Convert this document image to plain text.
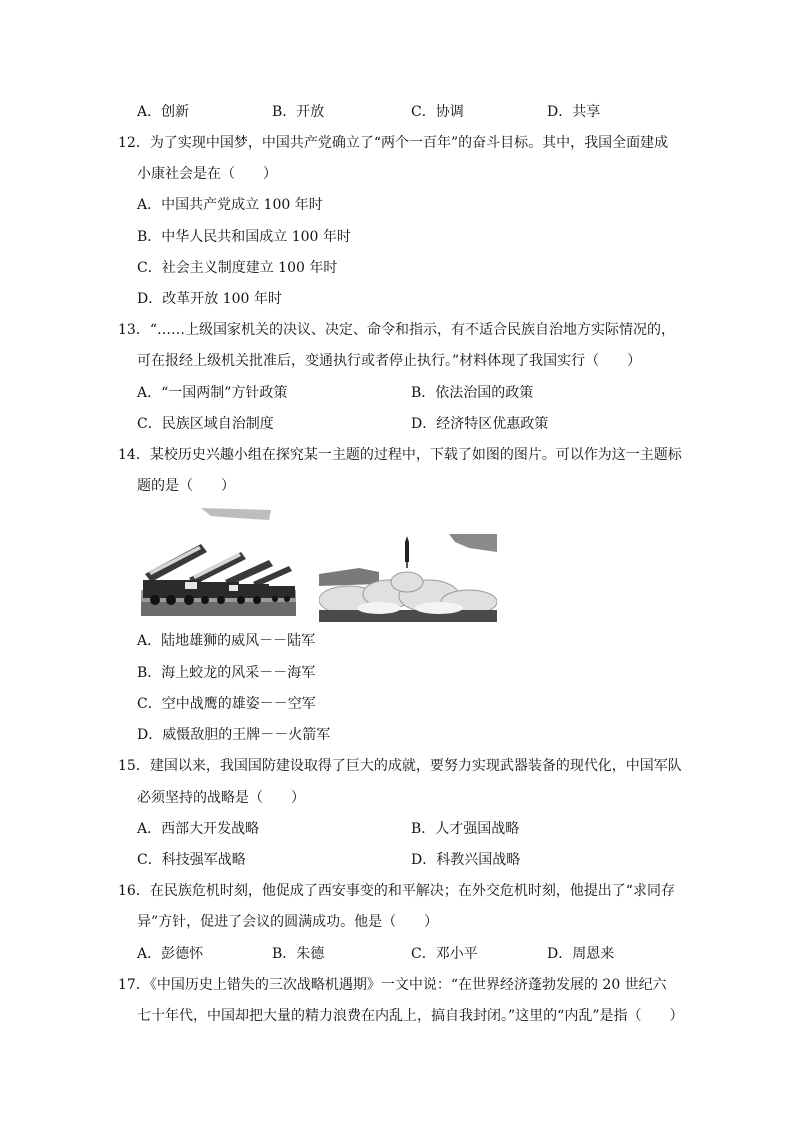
A．创新	B．开放	C．协调	D．共享
12．为了实现中国梦，中国共产党确立了“两个一百年”的奋斗目标。其中，我国全面建成
小康社会是在（　　）
A．中国共产党成立 100 年时
B．中华人民共和国成立 100 年时
C．社会主义制度建立 100 年时
D．改革开放 100 年时
13．“……上级国家机关的决议、决定、命令和指示，有不适合民族自治地方实际情况的，
可在报经上级机关批准后，变通执行或者停止执行。”材料体现了我国实行（　　）
A．“一国两制”方针政策	B．依法治国的政策
C．民族区域自治制度	D．经济特区优惠政策
14．某校历史兴趣小组在探究某一主题的过程中，下载了如图的图片。可以作为这一主题标
题的是（　　）
A．陆地雄狮的威风－－陆军
B．海上蛟龙的风采－－海军
C．空中战鹰的雄姿－－空军
D．威慑敌胆的王牌－－火箭军
15．建国以来，我国国防建设取得了巨大的成就，要努力实现武器装备的现代化，中国军队
必须坚持的战略是（　　）
A．西部大开发战略	B．人才强国战略
C．科技强军战略	D．科教兴国战略
16．在民族危机时刻，他促成了西安事变的和平解决；在外交危机时刻，他提出了“求同存
异”方针，促进了会议的圆满成功。他是（　　）
A．彭德怀	B．朱德	C．邓小平	D．周恩来
17．《中国历史上错失的三次战略机遇期》一文中说：“在世界经济蓬勃发展的 20 世纪六
七十年代，中国却把大量的精力浪费在内乱上，搞自我封闭。”这里的“内乱”是指（　　）
